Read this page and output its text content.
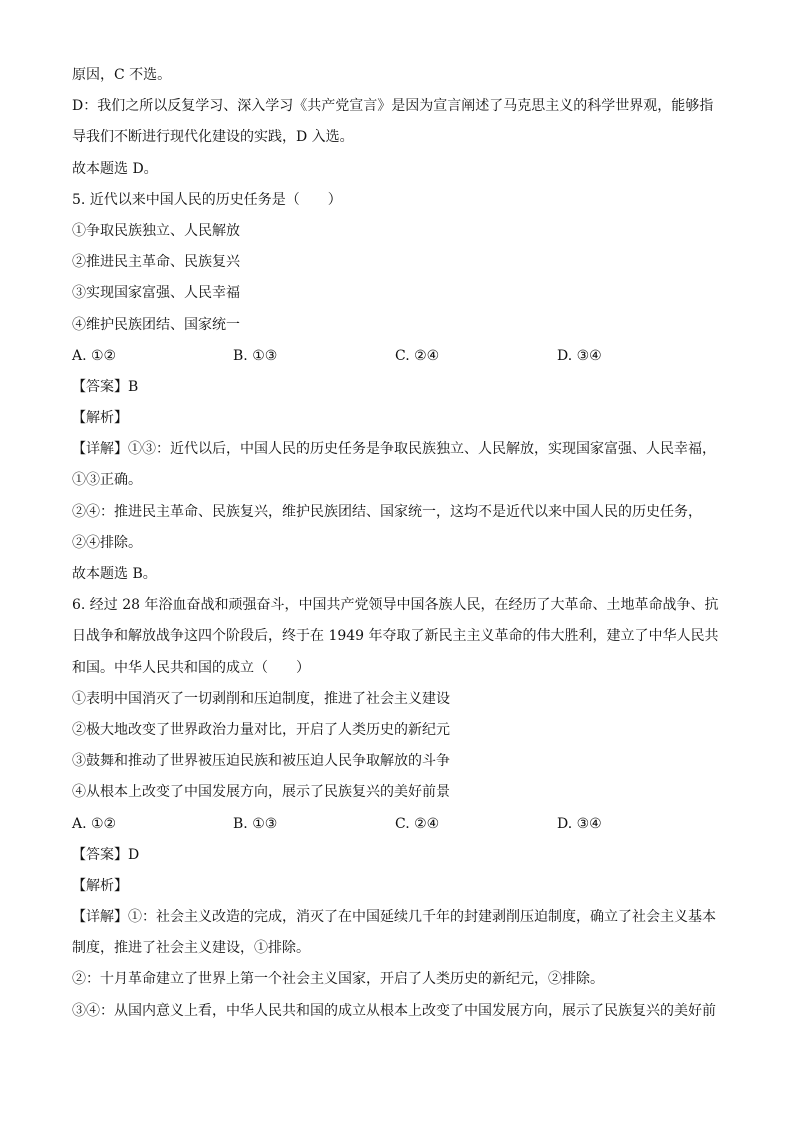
原因，C 不选。
D：我们之所以反复学习、深入学习《共产党宣言》是因为宣言阐述了马克思主义的科学世界观，能够指
导我们不断进行现代化建设的实践，D 入选。
故本题选 D。
5. 近代以来中国人民的历史任务是（　　）
①争取民族独立、人民解放
②推进民主革命、民族复兴
③实现国家富强、人民幸福
④维护民族团结、国家统一
A. ①②	B. ①③	C. ②④	D. ③④
【答案】B
【解析】
【详解】①③：近代以后，中国人民的历史任务是争取民族独立、人民解放，实现国家富强、人民幸福，
①③正确。
②④：推进民主革命、民族复兴，维护民族团结、国家统一，这均不是近代以来中国人民的历史任务，
②④排除。
故本题选 B。
6. 经过 28 年浴血奋战和顽强奋斗，中国共产党领导中国各族人民，在经历了大革命、土地革命战争、抗
日战争和解放战争这四个阶段后，终于在 1949 年夺取了新民主主义革命的伟大胜利，建立了中华人民共
和国。中华人民共和国的成立（　　）
①表明中国消灭了一切剥削和压迫制度，推进了社会主义建设
②极大地改变了世界政治力量对比，开启了人类历史的新纪元
③鼓舞和推动了世界被压迫民族和被压迫人民争取解放的斗争
④从根本上改变了中国发展方向，展示了民族复兴的美好前景
A. ①②	B. ①③	C. ②④	D. ③④
【答案】D
【解析】
【详解】①：社会主义改造的完成，消灭了在中国延续几千年的封建剥削压迫制度，确立了社会主义基本
制度，推进了社会主义建设，①排除。
②：十月革命建立了世界上第一个社会主义国家，开启了人类历史的新纪元，②排除。
③④：从国内意义上看，中华人民共和国的成立从根本上改变了中国发展方向，展示了民族复兴的美好前
